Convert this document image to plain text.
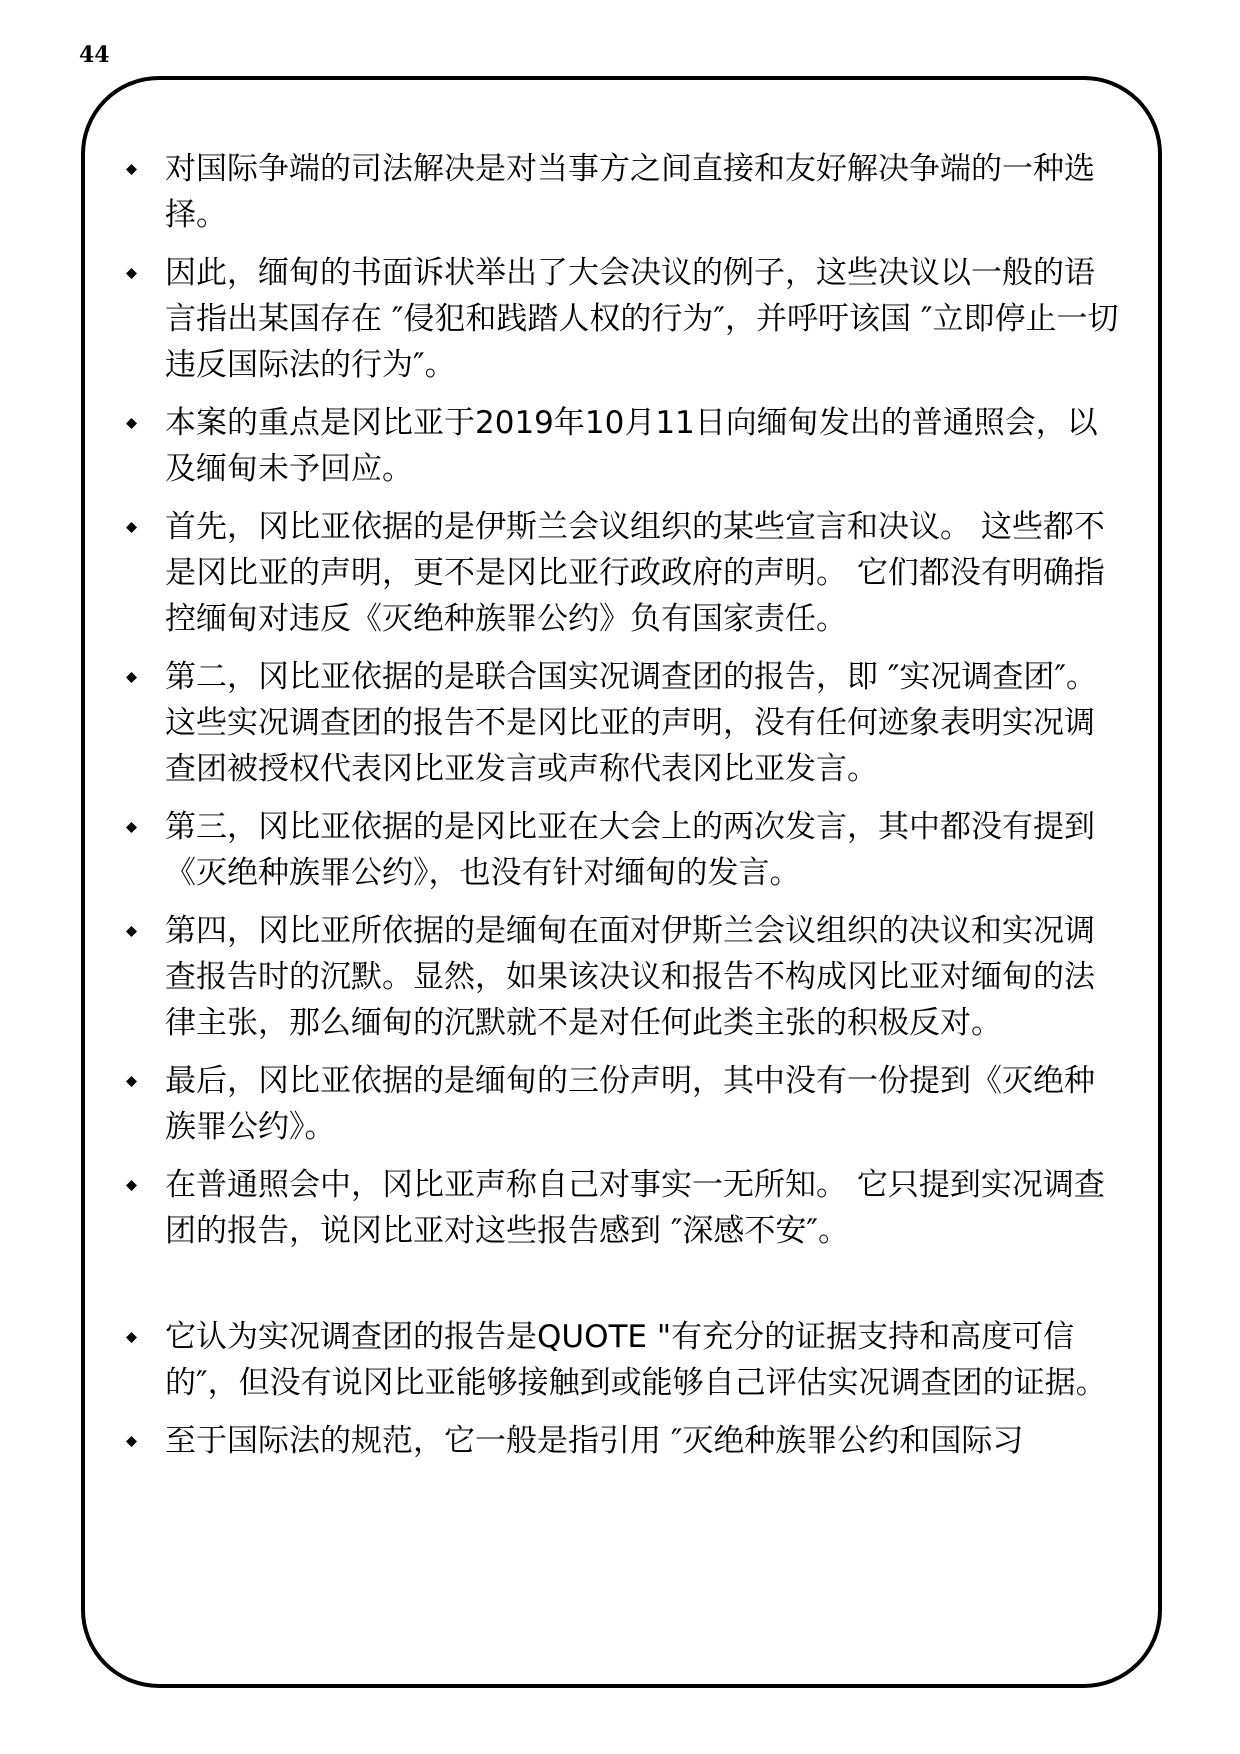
44
对国际争端的司法解决是对当事方之间直接和友好解决争端的一种选择。
因此，缅甸的书面诉状举出了大会决议的例子，这些决议以一般的语言指出某国存在 ″侵犯和践踏人权的行为″，并呼吁该国 ″立即停止一切违反国际法的行为″。
本案的重点是冈比亚于2019年10月11日向缅甸发出的普通照会，以及缅甸未予回应。
首先，冈比亚依据的是伊斯兰会议组织的某些宣言和决议。 这些都不是冈比亚的声明，更不是冈比亚行政政府的声明。 它们都没有明确指控缅甸对违反《灭绝种族罪公约》负有国家责任。
第二，冈比亚依据的是联合国实况调查团的报告，即 ″实况调查团″。 这些实况调查团的报告不是冈比亚的声明，没有任何迹象表明实况调查团被授权代表冈比亚发言或声称代表冈比亚发言。
第三，冈比亚依据的是冈比亚在大会上的两次发言，其中都没有提到《灭绝种族罪公约》，也没有针对缅甸的发言。
第四，冈比亚所依据的是缅甸在面对伊斯兰会议组织的决议和实况调查报告时的沉默。显然，如果该决议和报告不构成冈比亚对缅甸的法律主张，那么缅甸的沉默就不是对任何此类主张的积极反对。
最后，冈比亚依据的是缅甸的三份声明，其中没有一份提到《灭绝种族罪公约》。
在普通照会中，冈比亚声称自己对事实一无所知。 它只提到实况调查团的报告，说冈比亚对这些报告感到 ″深感不安″。
它认为实况调查团的报告是QUOTE "有充分的证据支持和高度可信的″，但没有说冈比亚能够接触到或能够自己评估实况调查团的证据。
至于国际法的规范，它一般是指引用 ″灭绝种族罪公约和国际习
